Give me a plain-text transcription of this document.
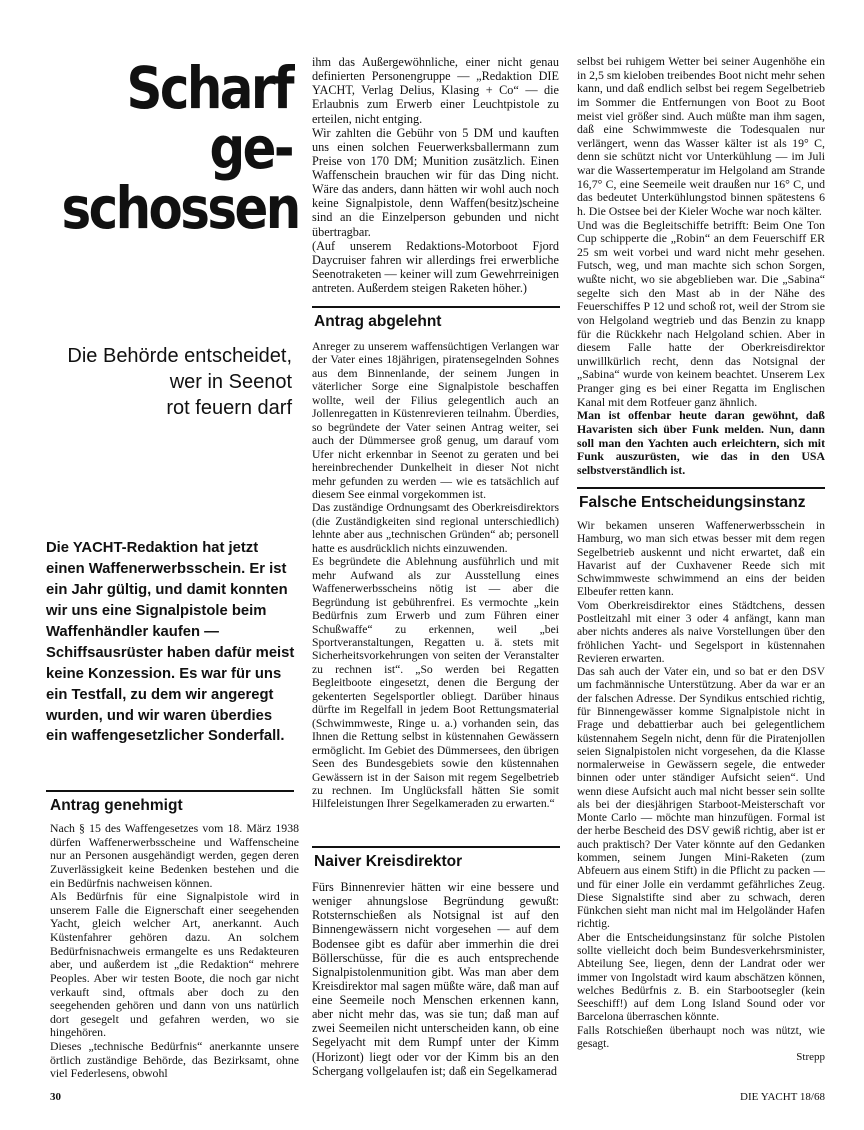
Scharf
ge-
schossen
Die Behörde entscheidet,
wer in Seenot
rot feuern darf
Die YACHT-Redaktion hat jetzt einen Waffenerwerbsschein. Er ist ein Jahr gültig, und damit konnten wir uns eine Signalpistole beim Waffenhändler kaufen — Schiffsausrüster haben dafür meist keine Konzession. Es war für uns ein Testfall, zu dem wir angeregt wurden, und wir waren überdies ein waffengesetzlicher Sonderfall.
Antrag genehmigt

Nach § 15 des Waffengesetzes vom 18. März 1938 dürfen Waffenerwerbsscheine und Waffenscheine nur an Personen ausgehändigt werden, gegen deren Zuverlässigkeit keine Bedenken bestehen und die ein Bedürfnis nachweisen können.

Als Bedürfnis für eine Signalpistole wird in unserem Falle die Eignerschaft einer seegehenden Yacht, gleich welcher Art, anerkannt. Auch Küstenfahrer gehören dazu. An solchem Bedürfnisnachweis ermangelte es uns Redakteuren aber, und außerdem ist „die Redaktion“ mehrere Peoples. Aber wir testen Boote, die noch gar nicht verkauft sind, oftmals aber doch zu den seegehenden gehören und dann von uns natürlich dort gesegelt und gefahren werden, wo sie hingehören.

Dieses „technische Bedürfnis“ anerkannte unsere örtlich zuständige Behörde, das Bezirksamt, ohne viel Federlesens, obwohl

ihm das Außergewöhnliche, einer nicht genau definierten Personengruppe — „Redaktion DIE YACHT, Verlag Delius, Klasing + Co“ — die Erlaubnis zum Erwerb einer Leuchtpistole zu erteilen, nicht entging.

Wir zahlten die Gebühr von 5 DM und kauften uns einen solchen Feuerwerksballermann zum Preise von 170 DM; Munition zusätzlich. Einen Waffenschein brauchen wir für das Ding nicht. Wäre das anders, dann hätten wir wohl auch noch keine Signalpistole, denn Waffen(besitz)scheine sind an die Einzelperson gebunden und nicht übertragbar.

(Auf unserem Redaktions-Motorboot Fjord Daycruiser fahren wir allerdings frei erwerbliche Seenotraketen — keiner will zum Gewehrreinigen antreten. Außerdem steigen Raketen höher.)

Antrag abgelehnt

Anreger zu unserem waffensüchtigen Verlangen war der Vater eines 18jährigen, piratensegelnden Sohnes aus dem Binnenlande, der seinem Jungen in väterlicher Sorge eine Signalpistole beschaffen wollte, weil der Filius gelegentlich auch an Jollenregatten in Küstenrevieren teilnahm. Überdies, so begründete der Vater seinen Antrag weiter, sei auch der Dümmersee groß genug, um darauf vom Ufer nicht erkennbar in Seenot zu geraten und bei hereinbrechender Dunkelheit in dieser Not nicht mehr gefunden zu werden — wie es tatsächlich auf diesem See einmal vorgekommen ist.

Das zuständige Ordnungsamt des Oberkreisdirektors (die Zuständigkeiten sind regional unterschiedlich) lehnte aber aus „technischen Gründen“ ab; personell hatte es ausdrücklich nichts einzuwenden.

Es begründete die Ablehnung ausführlich und mit mehr Aufwand als zur Ausstellung eines Waffenerwerbsscheins nötig ist — aber die Begründung ist gebührenfrei. Es vermochte „kein Bedürfnis zum Erwerb und zum Führen einer Schußwaffe“ zu erkennen, weil „bei Sportveranstaltungen, Regatten u. ä. stets mit Sicherheitsvorkehrungen von seiten der Veranstalter zu rechnen ist“. „So werden bei Regatten Begleitboote eingesetzt, denen die Bergung der gekenterten Segelsportler obliegt. Darüber hinaus dürfte im Regelfall in jedem Boot Rettungsmaterial (Schwimmweste, Ringe u. a.) vorhanden sein, das Ihnen die Rettung selbst in küstennahen Gewässern ermöglicht. Im Gebiet des Dümmersees, den übrigen Seen des Bundesgebiets sowie den küstennahen Gewässern ist in der Saison mit regem Segelbetrieb zu rechnen. Im Unglücksfall hätten Sie somit Hilfeleistungen Ihrer Segelkameraden zu erwarten.“

Naiver Kreisdirektor

Fürs Binnenrevier hätten wir eine bessere und weniger ahnungslose Begründung gewußt: Rotsternschießen als Notsignal ist auf den Binnengewässern nicht vorgesehen — auf dem Bodensee gibt es dafür aber immerhin die drei Böllerschüsse, für die es auch entsprechende Signalpistolenmunition gibt. Was man aber dem Kreisdirektor mal sagen müßte wäre, daß man auf eine Seemeile noch Menschen erkennen kann, aber nicht mehr das, was sie tun; daß man auf zwei Seemeilen nicht unterscheiden kann, ob eine Segelyacht mit dem Rumpf unter der Kimm (Horizont) liegt oder vor der Kimm bis an den Schergang vollgelaufen ist; daß ein Segelkamerad

selbst bei ruhigem Wetter bei seiner Augenhöhe ein in 2,5 sm kieloben treibendes Boot nicht mehr sehen kann, und daß endlich selbst bei regem Segelbetrieb im Sommer die Entfernungen von Boot zu Boot meist viel größer sind. Auch müßte man ihm sagen, daß eine Schwimmweste die Todesqualen nur verlängert, wenn das Wasser kälter ist als 19° C, denn sie schützt nicht vor Unterkühlung — im Juli war die Wassertemperatur im Helgoland am Strande 16,7° C, eine Seemeile weit draußen nur 16° C, und das bedeutet Unterkühlungstod binnen spätestens 6 h. Die Ostsee bei der Kieler Woche war noch kälter.

Und was die Begleitschiffe betrifft: Beim One Ton Cup schipperte die „Robin“ an dem Feuerschiff ER 25 sm weit vorbei und ward nicht mehr gesehen. Futsch, weg, und man machte sich schon Sorgen, wußte nicht, wo sie abgeblieben war. Die „Sabina“ segelte sich den Mast ab in der Nähe des Feuerschiffes P 12 und schoß rot, weil der Strom sie von Helgoland wegtrieb und das Benzin zu knapp für die Rückkehr nach Helgoland schien. Aber in diesem Falle hatte der Oberkreisdirektor unwillkürlich recht, denn das Notsignal der „Sabina“ wurde von keinem beachtet. Unserem Lex Pranger ging es bei einer Regatta im Englischen Kanal mit dem Rotfeuer ganz ähnlich.

Man ist offenbar heute daran gewöhnt, daß Havaristen sich über Funk melden. Nun, dann soll man den Yachten auch erleichtern, sich mit Funk auszurüsten, wie das in den USA selbstverständlich ist.

Falsche Entscheidungsinstanz

Wir bekamen unseren Waffenerwerbsschein in Hamburg, wo man sich etwas besser mit dem regen Segelbetrieb auskennt und nicht erwartet, daß ein Havarist auf der Cuxhavener Reede sich mit Schwimmweste schwimmend an eins der beiden Elbeufer retten kann.

Vom Oberkreisdirektor eines Städtchens, dessen Postleitzahl mit einer 3 oder 4 anfängt, kann man aber nichts anderes als naive Vorstellungen über den fröhlichen Yacht- und Segelsport in küstennahen Revieren erwarten.

Das sah auch der Vater ein, und so bat er den DSV um fachmännische Unterstützung. Aber da war er an der falschen Adresse. Der Syndikus entschied richtig, für Binnengewässer komme Signalpistole nicht in Frage und debattierbar auch bei gelegentlichem küstennahem Segeln nicht, denn für die Piratenjollen seien Signalpistolen nicht vorgesehen, da die Klasse normalerweise in Gewässern segele, die entweder binnen oder unter ständiger Aufsicht seien“. Und wenn diese Aufsicht auch mal nicht besser sein sollte als bei der diesjährigen Starboot-Meisterschaft vor Monte Carlo — möchte man hinzufügen. Formal ist der herbe Bescheid des DSV gewiß richtig, aber ist er auch praktisch? Der Vater könnte auf den Gedanken kommen, seinem Jungen Mini-Raketen (zum Abfeuern aus einem Stift) in die Pflicht zu packen — und für einer Jolle ein verdammt gefährliches Zeug. Diese Signalstifte sind aber zu schwach, deren Fünkchen sieht man nicht mal im Helgoländer Hafen richtig.

Aber die Entscheidungsinstanz für solche Pistolen sollte vielleicht doch beim Bundesverkehrsminister, Abteilung See, liegen, denn der Landrat oder wer immer von Ingolstadt wird kaum abschätzen können, welches Bedürfnis z. B. ein Starbootsegler (kein Seeschiff!) auf dem Long Island Sound oder vor Barcelona überraschen könnte.

Falls Rotschießen überhaupt noch was nützt, wie gesagt.

Strepp

30	DIE YACHT 18/68
